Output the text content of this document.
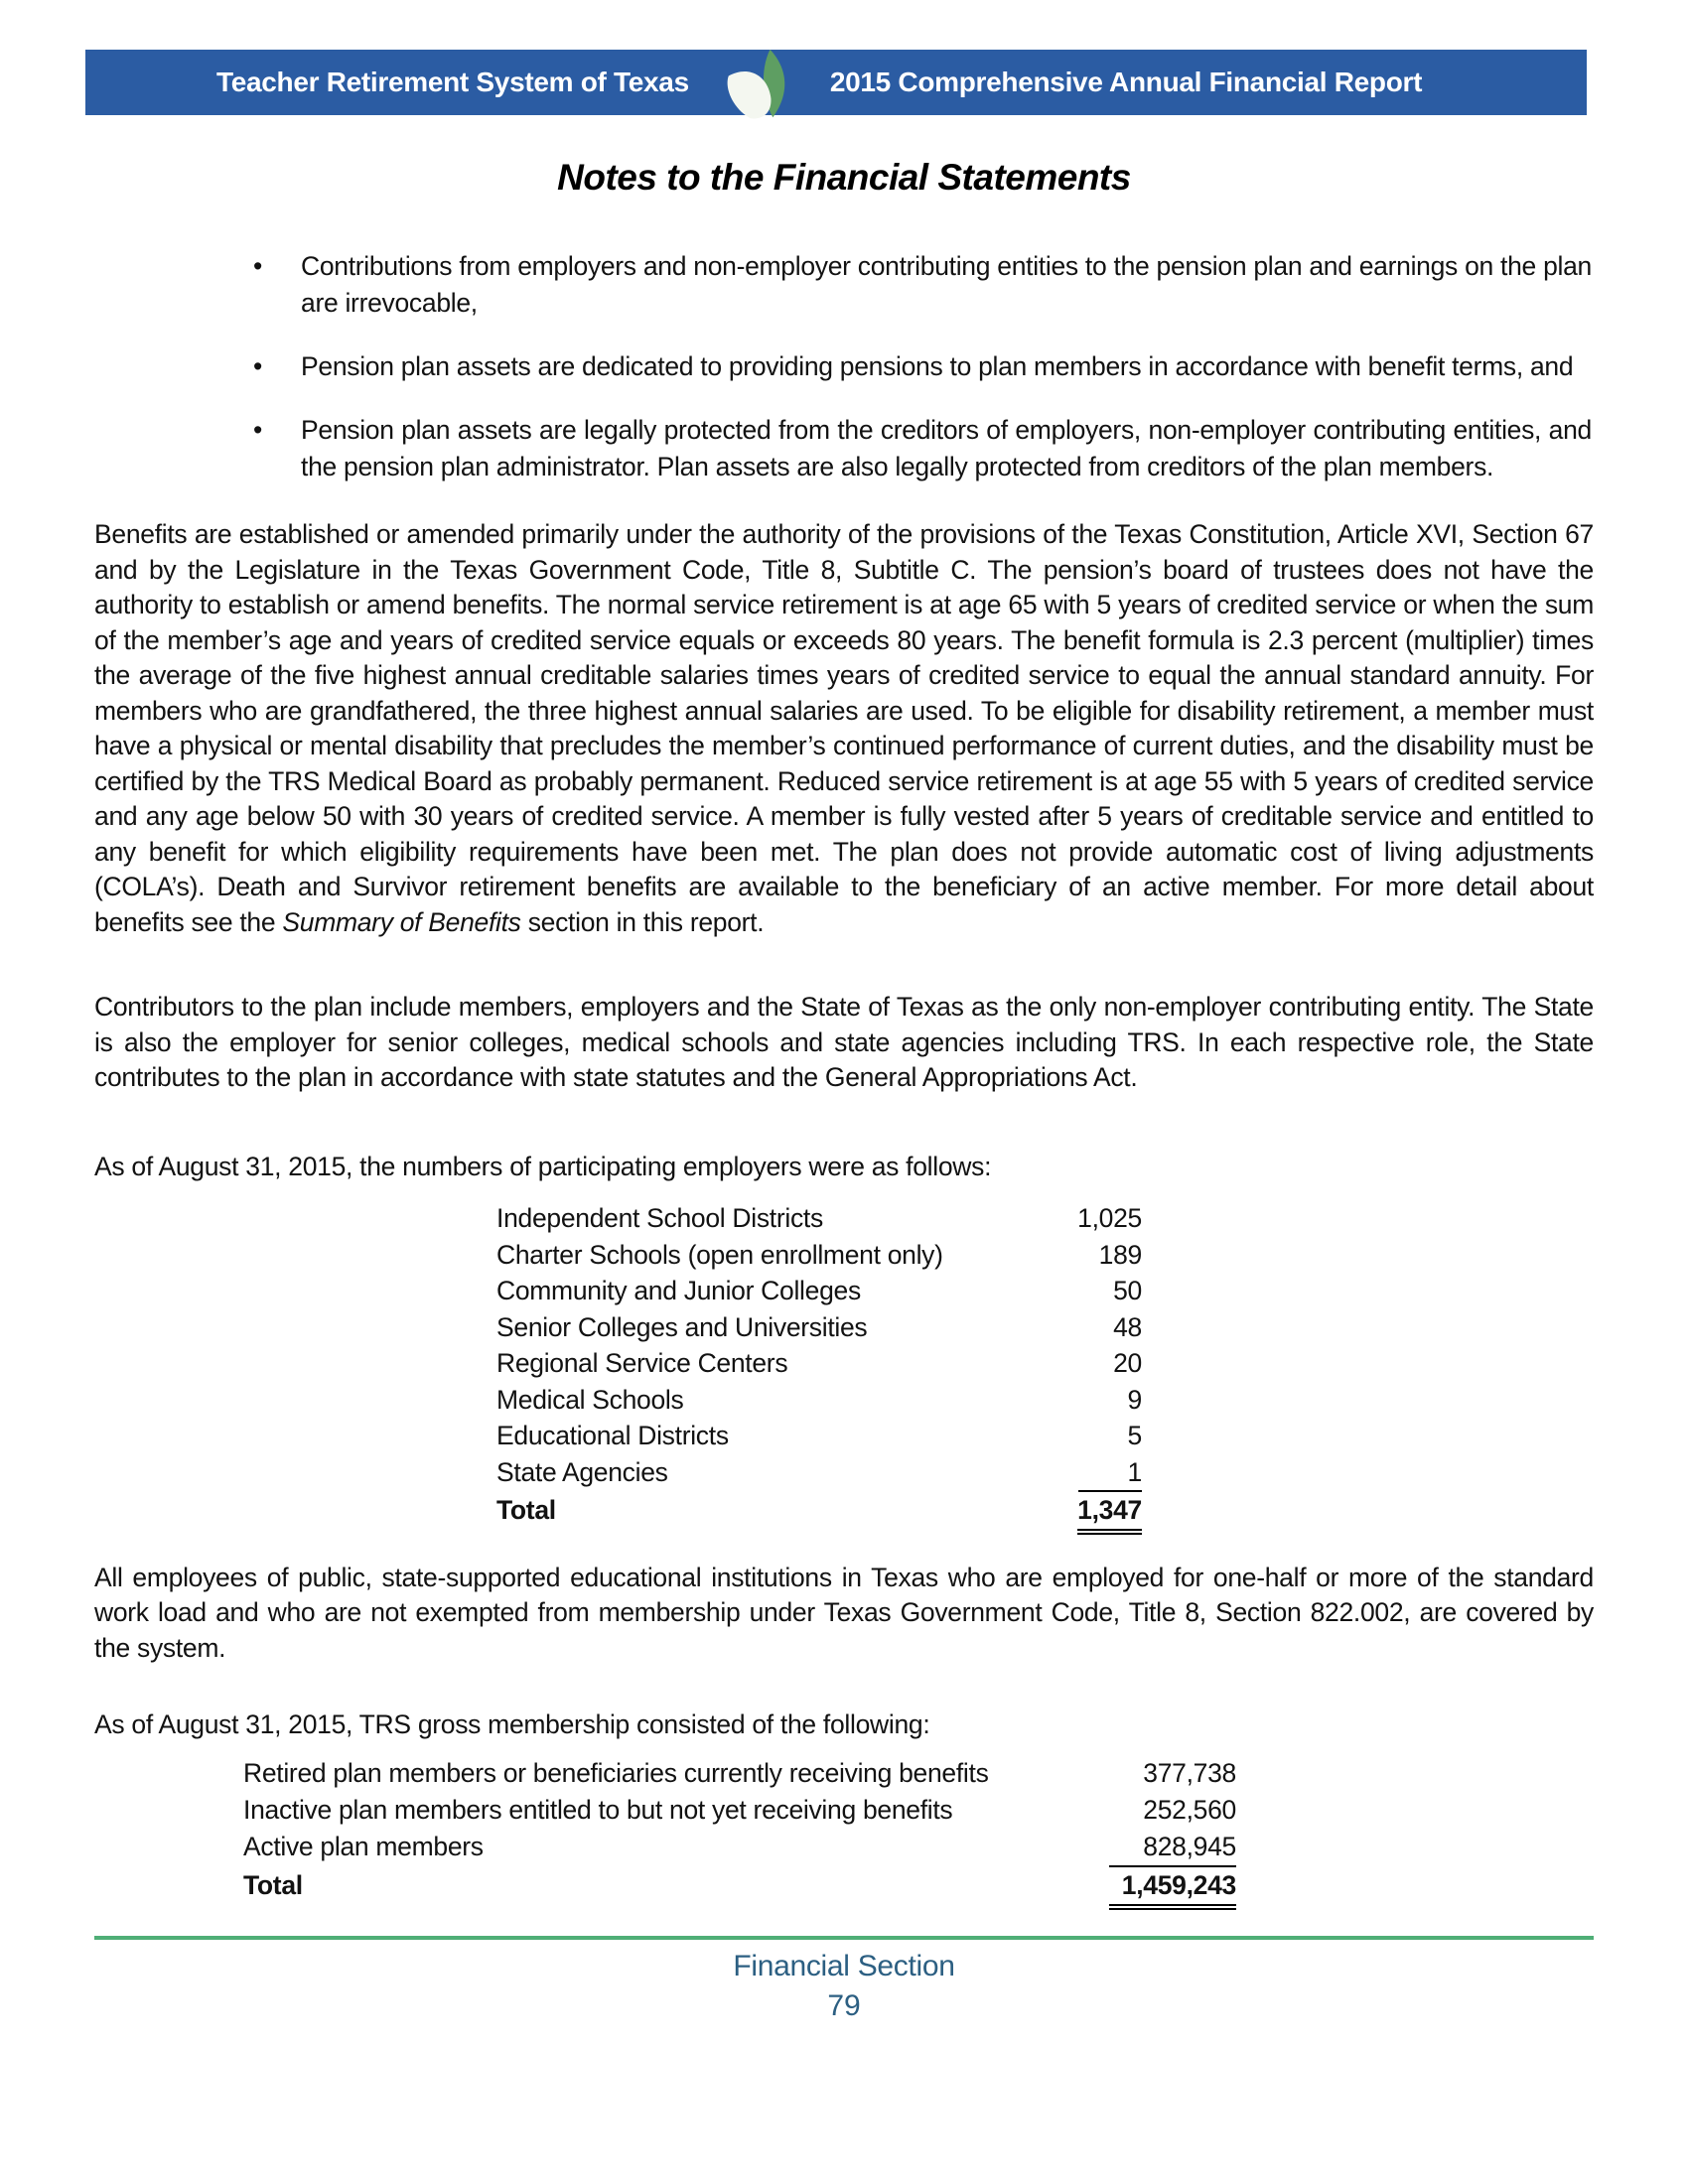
Teacher Retirement System of Texas	2015 Comprehensive Annual Financial Report
Notes to the Financial Statements
•	Contributions from employers and non-employer contributing entities to the pension plan and earnings on the plan are irrevocable,
•	Pension plan assets are dedicated to providing pensions to plan members in accordance with benefit terms, and
•	Pension plan assets are legally protected from the creditors of employers, non-employer contributing entities, and the pension plan administrator. Plan assets are also legally protected from creditors of the plan members.

Benefits are established or amended primarily under the authority of the provisions of the Texas Constitution, Article XVI, Section 67 and by the Legislature in the Texas Government Code, Title 8, Subtitle C. The pension’s board of trustees does not have the authority to establish or amend benefits. The normal service retirement is at age 65 with 5 years of credited service or when the sum of the member’s age and years of credited service equals or exceeds 80 years. The benefit formula is 2.3 percent (multiplier) times the average of the five highest annual creditable salaries times years of credited service to equal the annual standard annuity. For members who are grandfathered, the three highest annual salaries are used. To be eligible for disability retirement, a member must have a physical or mental disability that precludes the member’s continued performance of current duties, and the disability must be certified by the TRS Medical Board as probably permanent. Reduced service retirement is at age 55 with 5 years of credited service and any age below 50 with 30 years of credited service. A member is fully vested after 5 years of creditable service and entitled to any benefit for which eligibility requirements have been met. The plan does not provide automatic cost of living adjustments (COLA’s). Death and Survivor retirement benefits are available to the beneficiary of an active member. For more detail about benefits see the Summary of Benefits section in this report.

Contributors to the plan include members, employers and the State of Texas as the only non-employer contributing entity. The State is also the employer for senior colleges, medical schools and state agencies including TRS. In each respective role, the State contributes to the plan in accordance with state statutes and the General Appropriations Act.

As of August 31, 2015, the numbers of participating employers were as follows:

Independent School Districts	1,025
Charter Schools (open enrollment only)	189
Community and Junior Colleges	50
Senior Colleges and Universities	48
Regional Service Centers	20
Medical Schools	9
Educational Districts	5
State Agencies	1
Total	1,347

All employees of public, state-supported educational institutions in Texas who are employed for one-half or more of the standard work load and who are not exempted from membership under Texas Government Code, Title 8, Section 822.002, are covered by the system.

As of August 31, 2015, TRS gross membership consisted of the following:

Retired plan members or beneficiaries currently receiving benefits	377,738
Inactive plan members entitled to but not yet receiving benefits	252,560
Active plan members	828,945
Total	1,459,243
Financial Section
79
